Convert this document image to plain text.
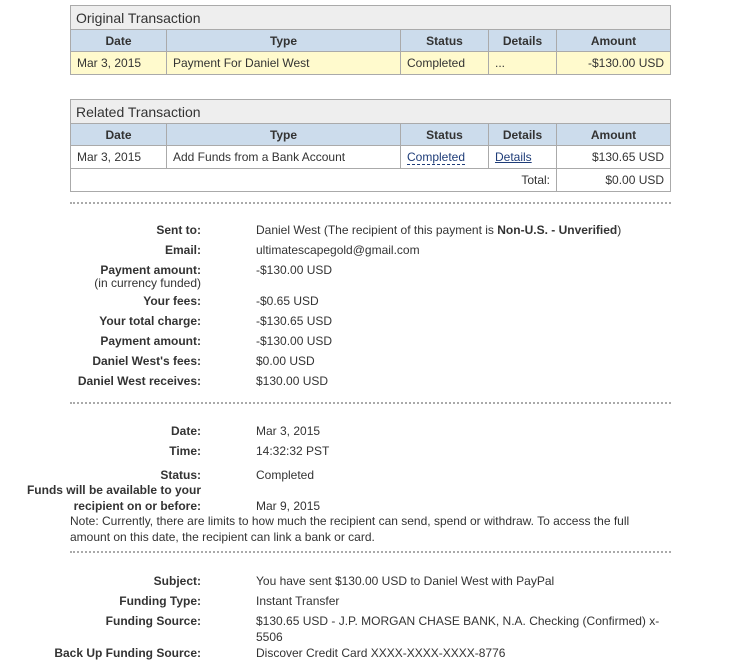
Original Transaction				
Date	Type	Status	Details	Amount
Mar 3, 2015	Payment For Daniel West	Completed	...	-$130.00 USD
Related Transaction				
Date	Type	Status	Details	Amount
Mar 3, 2015	Add Funds from a Bank Account	Completed	Details	$130.65 USD
Total:				$0.00 USD
Sent to:	Daniel West (The recipient of this payment is Non-U.S. - Unverified)
Email:	ultimatescapegold@gmail.com
Payment amount:	-$130.00 USD
(in currency funded)
Your fees:	-$0.65 USD
Your total charge:	-$130.65 USD
Payment amount:	-$130.00 USD
Daniel West's fees:	$0.00 USD
Daniel West receives:	$130.00 USD
Date:	Mar 3, 2015
Time:	14:32:32 PST
Status:	Completed
Funds will be available to your
recipient on or before:	Mar 9, 2015
Note: Currently, there are limits to how much the recipient can send, spend or withdraw. To access the full amount on this date, the recipient can link a bank or card.
Subject:	You have sent $130.00 USD to Daniel West with PayPal
Funding Type:	Instant Transfer
Funding Source:	$130.65 USD - J.P. MORGAN CHASE BANK, N.A. Checking (Confirmed) x-
5506
Back Up Funding Source:	Discover Credit Card XXXX-XXXX-XXXX-8776
